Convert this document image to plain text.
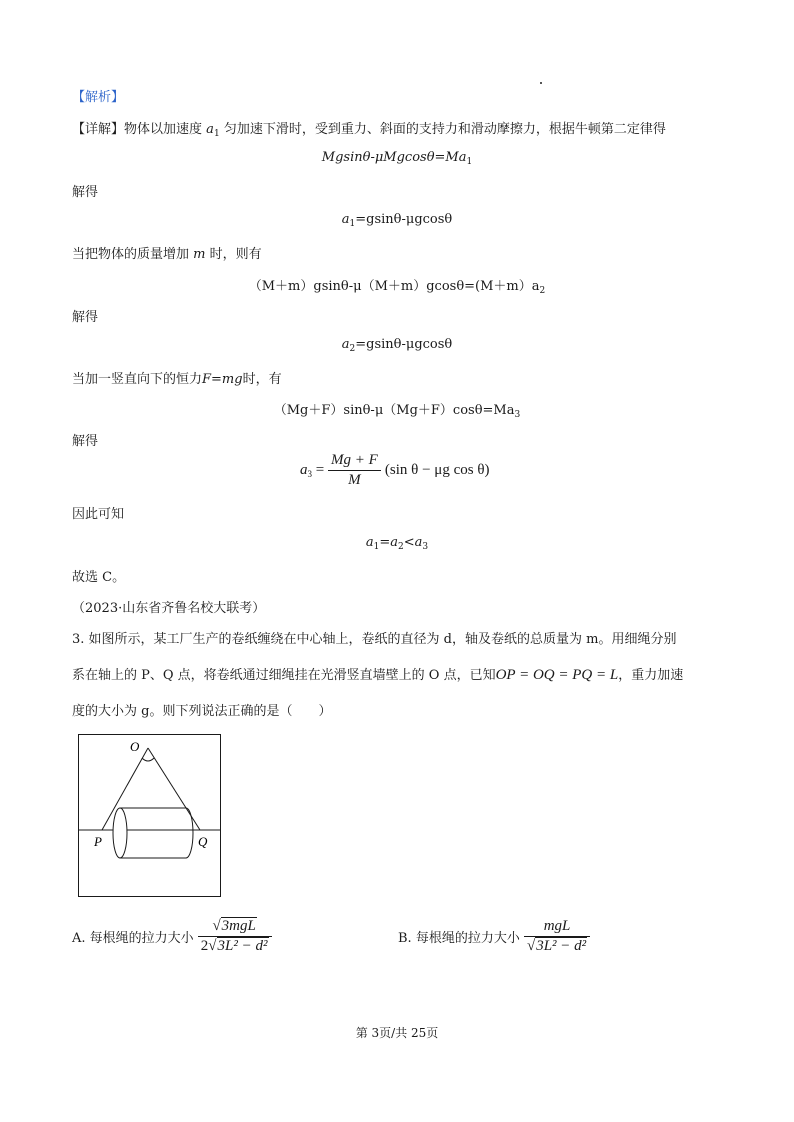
【解析】
【详解】物体以加速度 $a_1$ 匀加速下滑时，受到重力、斜面的支持力和滑动摩擦力，根据牛顿第二定律得
Mgsinθ-$\mu Mgcos\theta=Ma_1$
解得
$a_1=gsin\theta$-μgcosθ
当把物体的质量增加 m 时，则有
$(M+m)gsin\theta-\mu(M+m)gcos\theta=(M+m)a_2$
解得
$a_2=gsin\theta$-μgcosθ
当加一竖直向下的恒力F=mg时，有
$(Mg+F)\sin\theta-\mu(Mg+F)\cos\theta=Ma_3$
解得
$a_3 = \frac{Mg + F}{M} (\sin$ θ − μg cos θ)
因此可知
$a_1=a_2<a_3$
故选 C。
（2023·山东省齐鲁名校大联考）
3. 如图所示，某工厂生产的卷纸缠绕在中心轴上，卷纸的直径为 d，轴及卷纸的总质量为 m。用细绳分别
系在轴上的 P、Q 点，将卷纸通过细绳挂在光滑竖直墙壁上的 O 点，已知OP = OQ = PQ = L，重力加速
度的大小为 g。则下列说法正确的是（　　）
O
P	Q
A. 每根绳的拉力大小 $\frac{\text{√3mgL}}{\text{2√3L² − d²}}$	B. 每根绳的拉力大小 $\frac{\text{mgL}}{\text{√3L² − d²}}$
第 3页/共 25页
